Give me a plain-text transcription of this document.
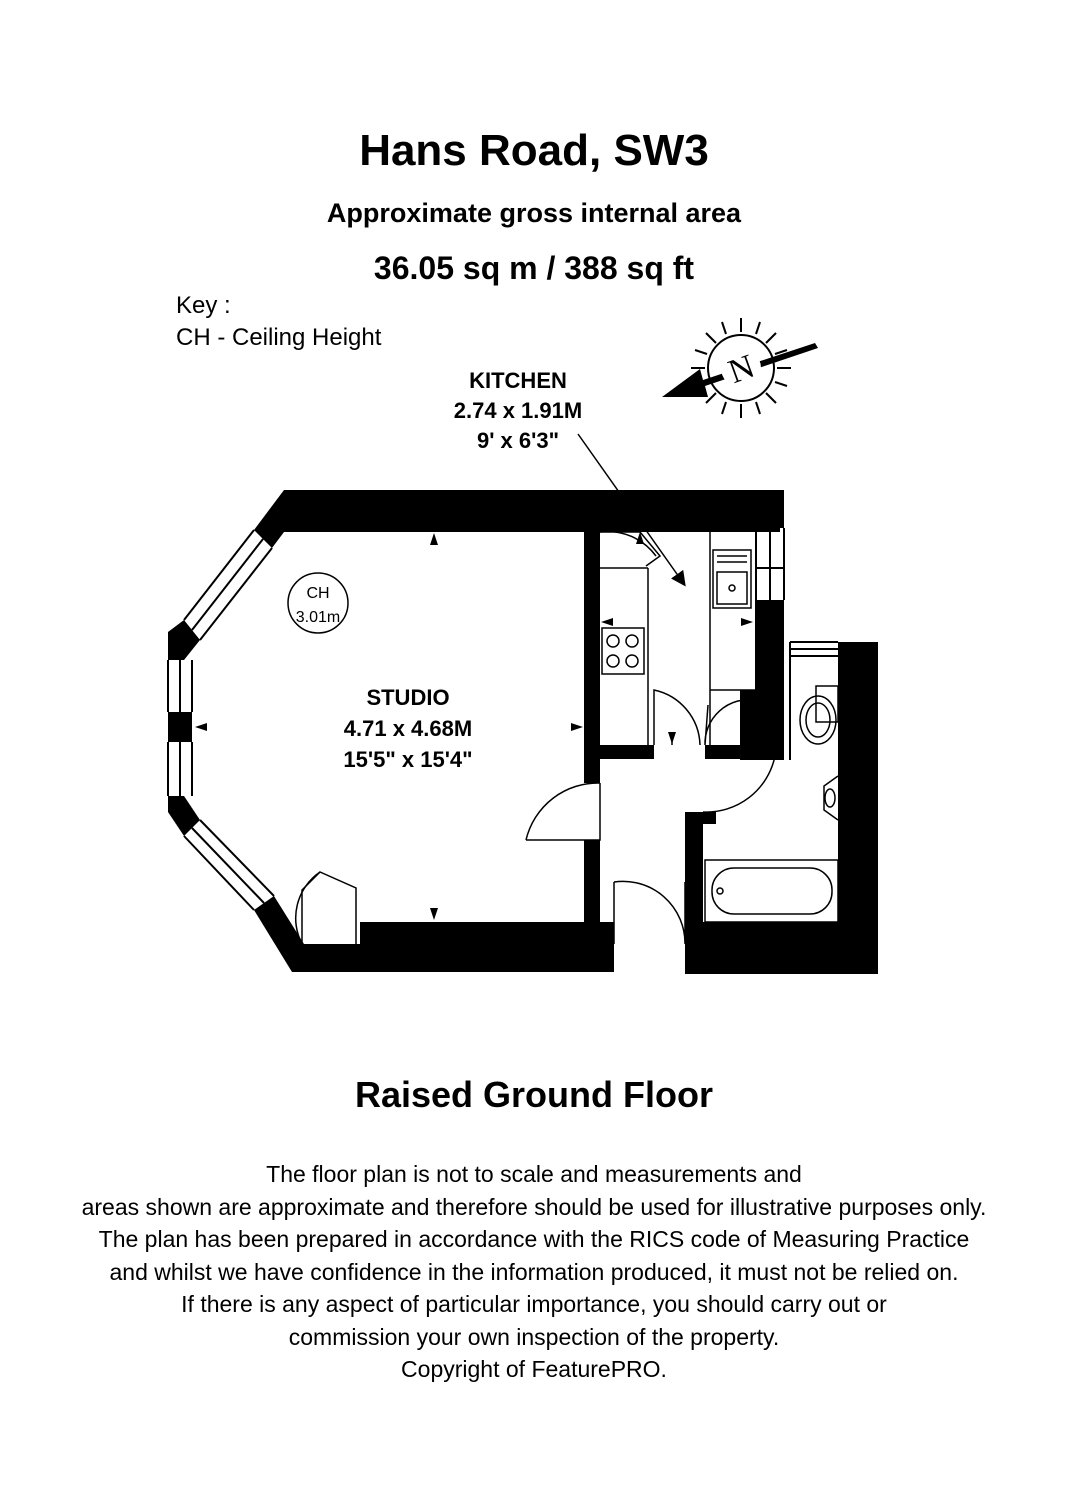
Hans Road, SW3
Approximate gross internal area
36.05 sq m / 388 sq ft
Key :
CH - Ceiling Height
N
KITCHEN
2.74 x 1.91M
9' x 6'3"
CH
3.01m
STUDIO
4.71 x 4.68M
15'5" x 15'4"
Raised Ground Floor
The floor plan is not to scale and measurements and
areas shown are approximate and therefore should be used for illustrative purposes only.
The plan has been prepared in accordance with the RICS code of Measuring Practice
and whilst we have confidence in the information produced, it must not be relied on.
If there is any aspect of particular importance, you should carry out or
commission your own inspection of the property.
Copyright of FeaturePRO.
